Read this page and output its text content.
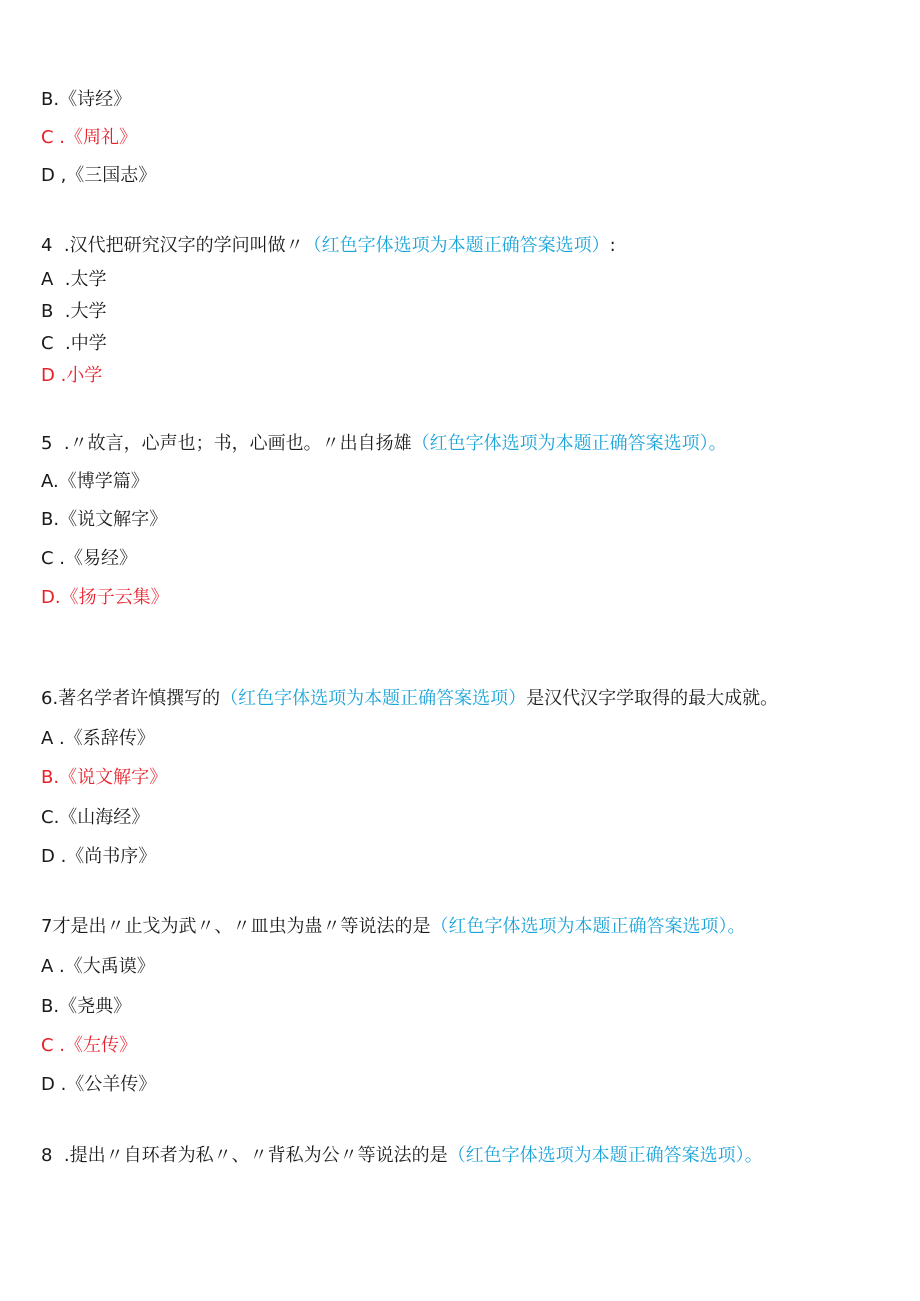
B.《诗经》
C .《周礼》
D ,《三国志》
4  .汉代把研究汉字的学问叫做〃（红色字体选项为本题正确答案选项）:
A  .太学
B  .大学
C  .中学
D .小学
5  .〃故言，心声也；书，心画也。〃出自扬雄（红色字体选项为本题正确答案选项）。
A.《博学篇》
B.《说文解字》
C .《易经》
D.《扬子云集》
6.著名学者许慎撰写的（红色字体选项为本题正确答案选项）是汉代汉字学取得的最大成就。
A .《系辞传》
B.《说文解字》
C.《山海经》
D .《尚书序》
7才是出〃止戈为武〃、〃皿虫为蛊〃等说法的是（红色字体选项为本题正确答案选项）。
A .《大禹谟》
B.《尧典》
C .《左传》
D .《公羊传》
8  .提出〃自环者为私〃、〃背私为公〃等说法的是（红色字体选项为本题正确答案选项）。
